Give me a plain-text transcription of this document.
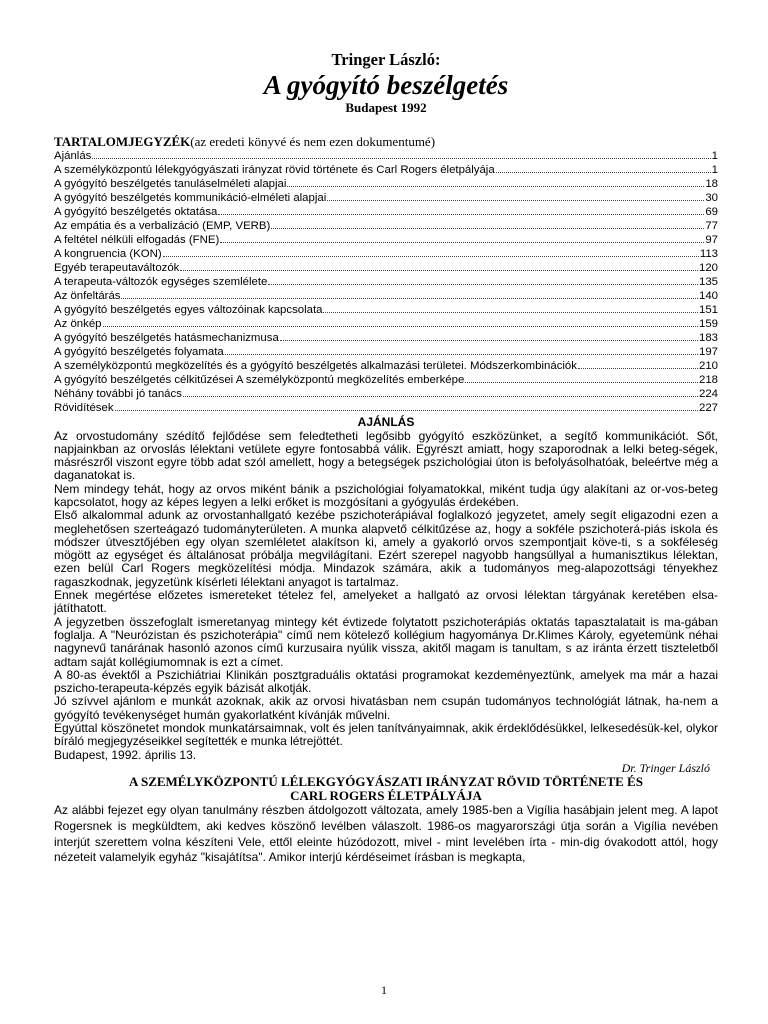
Tringer László:
A gyógyító beszélgetés
Budapest 1992
TARTALOMJEGYZÉK(az eredeti könyvé és nem ezen dokumentumé)
Ajánlás	1
A személyközpontú lélekgyógyászati irányzat rövid története és Carl Rogers életpályája	1
A gyógyító beszélgetés tanuláselméleti alapjai	18
A gyógyító beszélgetés kommunikáció-elméleti alapjai	30
A gyógyító beszélgetés oktatása	69
Az empátia és a verbalizáció (EMP, VERB)	77
A feltétel nélküli elfogadás (FNE)	97
A kongruencia (KON)	113
Egyéb terapeutaváltozók	120
A terapeuta-változók egységes szemlélete	135
Az önfeltárás	140
A gyógyító beszélgetés egyes változóinak kapcsolata	151
Az önkép	159
A gyógyító beszélgetés hatásmechanizmusa	183
A gyógyító beszélgetés folyamata	197
A személyközpontú megközelítés és a gyógyító beszélgetés alkalmazási területei. Módszerkombinációk	210
A gyógyító beszélgetés célkitűzései A személyközpontú megközelítés emberképe	218
Néhány további jó tanács	224
Rövidítések	227
AJÁNLÁS

Az orvostudomány szédítő fejlődése sem feledtetheti legősibb gyógyító eszközünket, a segítő kommunikációt. Sőt, napjainkban az orvoslás lélektani vetülete egyre fontosabbá válik. Egyrészt amiatt, hogy szaporodnak a lelki beteg-ségek, másrészről viszont egyre több adat szól amellett, hogy a betegségek pszichológiai úton is befolyásolhatóak, beleértve még a daganatokat is.

Nem mindegy tehát, hogy az orvos miként bánik a pszichológiai folyamatokkal, miként tudja úgy alakítani az or-vos-beteg kapcsolatot, hogy az képes legyen a lelki erőket is mozgósítani a gyógyulás érdekében.

Első alkalommal adunk az orvostanhallgató kezébe pszichoterápiával foglalkozó jegyzetet, amely segít eligazodni ezen a meglehetősen szerteágazó tudományterületen. A munka alapvető célkitűzése az, hogy a sokféle pszichoterá-piás iskola és módszer útvesztőjében egy olyan szemléletet alakítson ki, amely a gyakorló orvos szempontjait köve-ti, s a sokféleség mögött az egységet és általánosat próbálja megvilágítani. Ezért szerepel nagyobb hangsúllyal a humanisztikus lélektan, ezen belül Carl Rogers megközelítési módja. Mindazok számára, akik a tudományos meg-alapozottsági tényekhez ragaszkodnak, jegyzetünk kísérleti lélektani anyagot is tartalmaz.

Ennek megértése előzetes ismereteket tételez fel, amelyeket a hallgató az orvosi lélektan tárgyának keretében elsa-játíthatott.

A jegyzetben összefoglalt ismeretanyag mintegy két évtizede folytatott pszichoterápiás oktatás tapasztalatait is ma-gában foglalja. A "Neurózistan és pszichoterápia" című nem kötelező kollégium hagyománya Dr.Klimes Károly, egyetemünk néhai nagynevű tanárának hasonló azonos című kurzusaira nyúlik vissza, akitől magam is tanultam, s az iránta érzett tiszteletből adtam saját kollégiumomnak is ezt a címet.

A 80-as évektől a Pszichiátriai Klinikán posztgraduális oktatási programokat kezdeményeztünk, amelyek ma már a hazai pszicho-terapeuta-képzés egyik bázisát alkotják.

Jó szívvel ajánlom e munkát azoknak, akik az orvosi hivatásban nem csupán tudományos technológiát látnak, ha-nem a gyógyító tevékenységet humán gyakorlatként kívánják művelni.

Egyúttal köszönetet mondok munkatársaimnak, volt és jelen tanítványaimnak, akik érdeklődésükkel, lelkesedésük-kel, olykor bíráló megjegyzéseikkel segítették e munka létrejöttét.

Budapest, 1992. április 13.
Dr. Tringer László
A SZEMÉLYKÖZPONTÚ LÉLEKGYÓGYÁSZATI IRÁNYZAT RÖVID TÖRTÉNETE ÉS
CARL ROGERS ÉLETPÁLYÁJA

Az alábbi fejezet egy olyan tanulmány részben átdolgozott változata, amely 1985-ben a Vigília hasábjain jelent meg. A lapot Rogersnek is megküldtem, aki kedves köszönő levélben válaszolt. 1986-os magyarországi útja során a Vigília nevében interjút szerettem volna készíteni Vele, ettől eleinte húzódozott, mivel - mint levelében írta - min-dig óvakodott attól, hogy nézeteit valamelyik egyház "kisajátítsa". Amikor interjú kérdéseimet írásban is megkapta,

1
